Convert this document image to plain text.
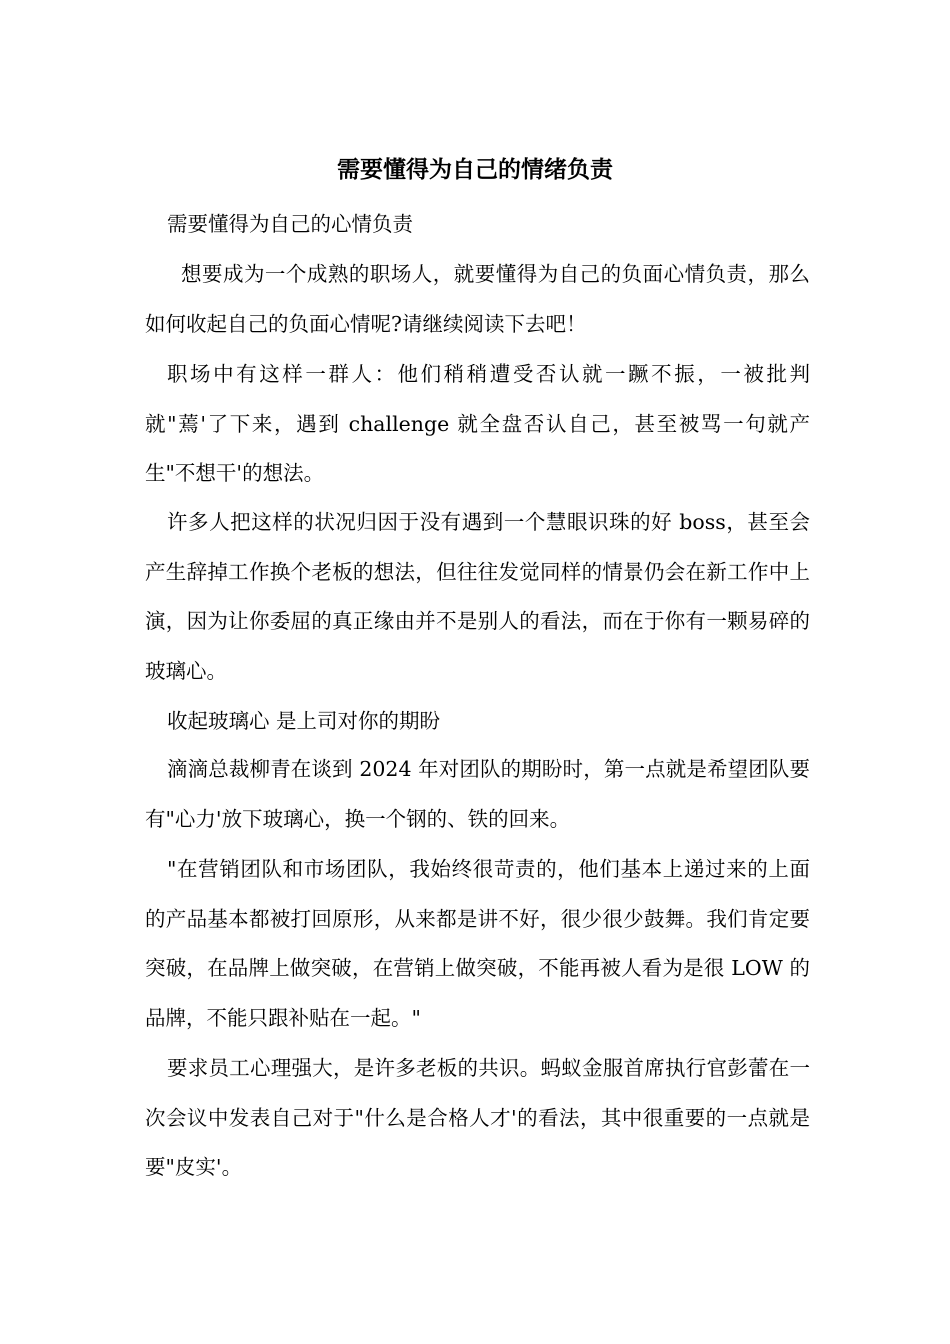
需要懂得为自己的情绪负责

需要懂得为自己的心情负责

想要成为一个成熟的职场人，就要懂得为自己的负面心情负责，那么如何收起自己的负面心情呢?请继续阅读下去吧！

职场中有这样一群人：他们稍稍遭受否认就一蹶不振，一被批判就"蔫'了下来，遇到 challenge 就全盘否认自己，甚至被骂一句就产生"不想干'的想法。

许多人把这样的状况归因于没有遇到一个慧眼识珠的好 boss，甚至会产生辞掉工作换个老板的想法，但往往发觉同样的情景仍会在新工作中上演，因为让你委屈的真正缘由并不是别人的看法，而在于你有一颗易碎的玻璃心。

收起玻璃心 是上司对你的期盼

滴滴总裁柳青在谈到 2024 年对团队的期盼时，第一点就是希望团队要有"心力'放下玻璃心，换一个钢的、铁的回来。

"在营销团队和市场团队，我始终很苛责的，他们基本上递过来的上面的产品基本都被打回原形，从来都是讲不好，很少很少鼓舞。我们肯定要突破，在品牌上做突破，在营销上做突破，不能再被人看为是很 LOW 的品牌，不能只跟补贴在一起。"

要求员工心理强大，是许多老板的共识。蚂蚁金服首席执行官彭蕾在一次会议中发表自己对于"什么是合格人才'的看法，其中很重要的一点就是要"皮实'。
